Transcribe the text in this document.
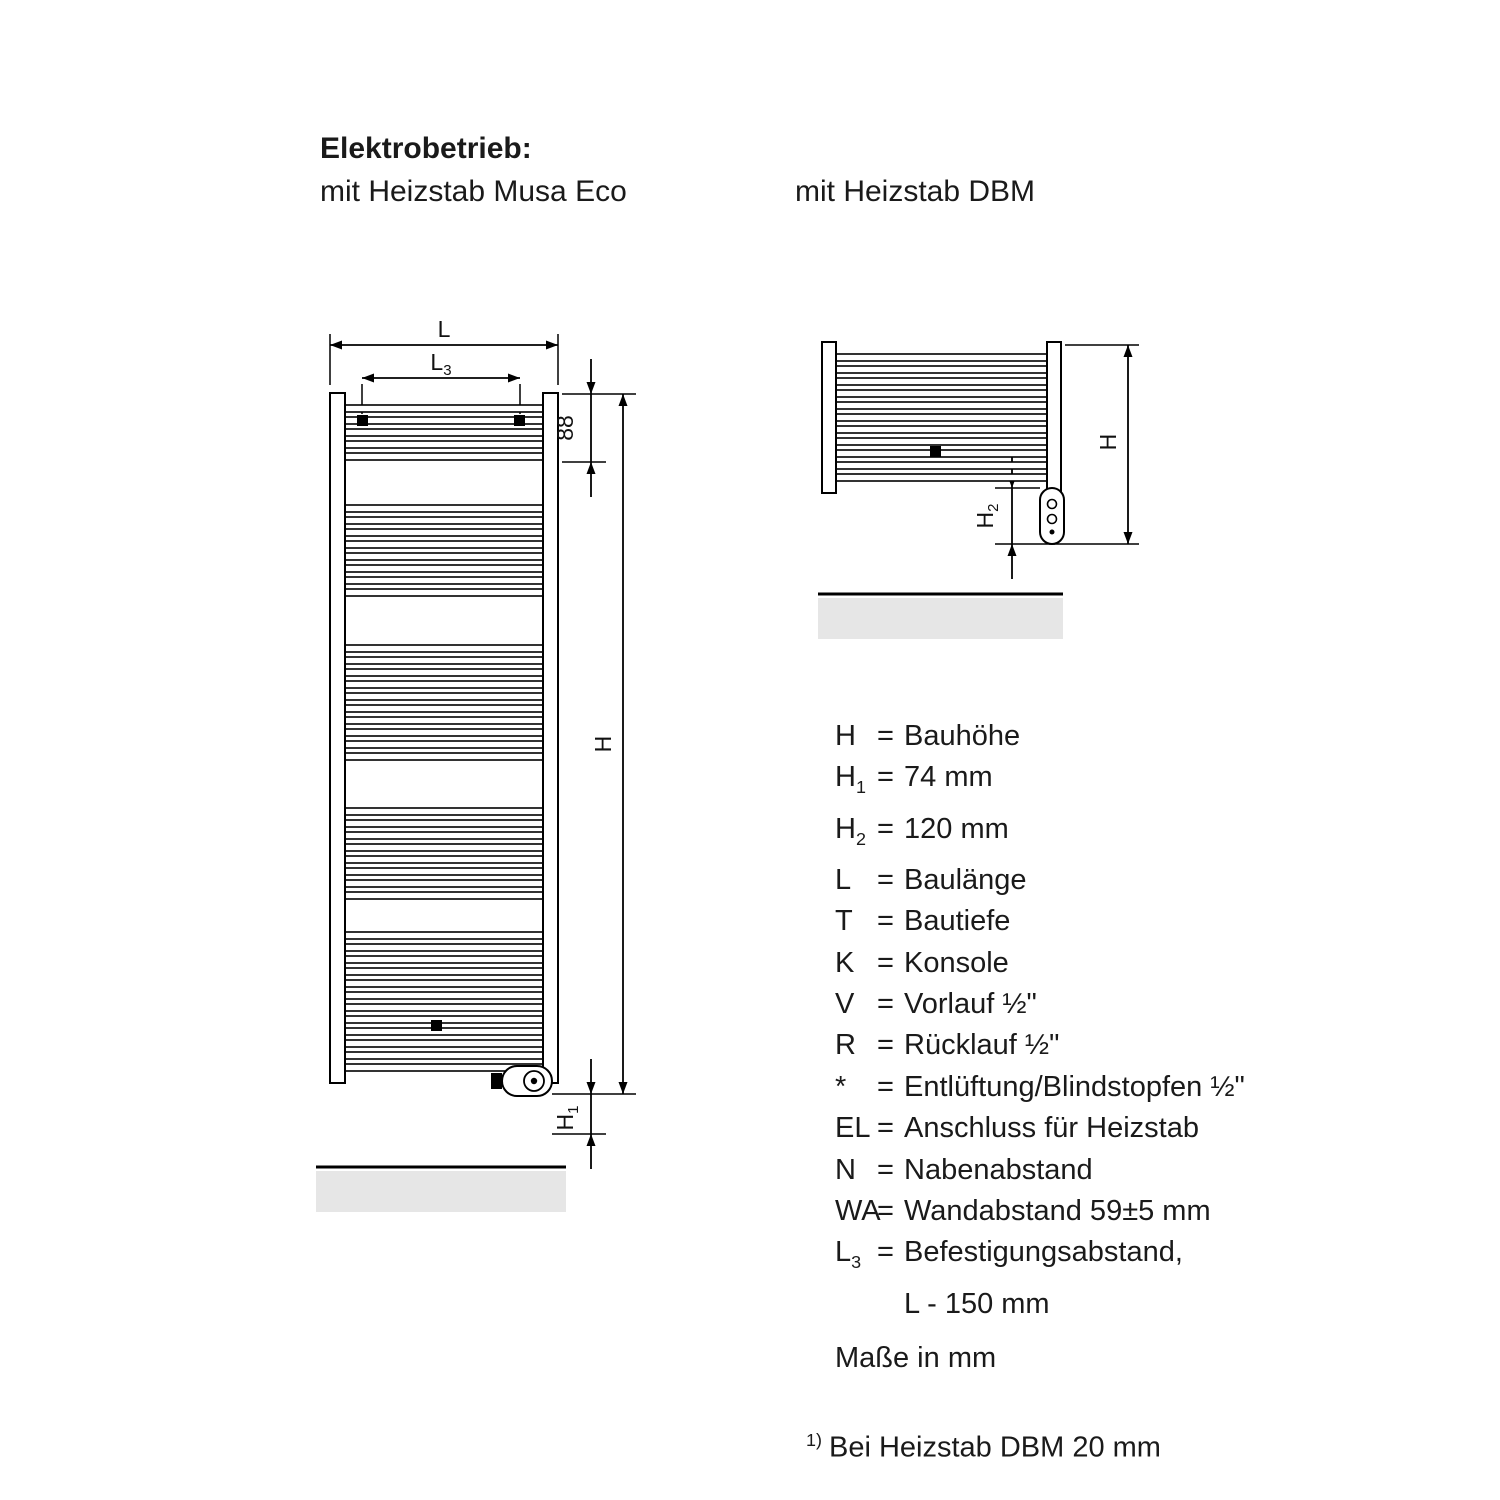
Elektrobetrieb:
mit Heizstab Musa Eco	mit Heizstab DBM
L
$L_3$
88
H
$H_1$
H
$H_2$
H = Bauhöhe
$H_1 = 74$ mm
$H_2 = 120$ mm
L = Baulänge
T = Bautiefe
K = Konsole
V = Vorlauf ½"
R = Rücklauf ½"
*	= Entlüftung/Blindstopfen ½"
EL = Anschluss für Heizstab
N = Nabenabstand
WA
= Wandabstand 59±5 mm
$L_3$ = Befestigungsabstand,
L - 150 mm
Maße in mm
$^{1)}$ Bei Heizstab DBM 20 mm
